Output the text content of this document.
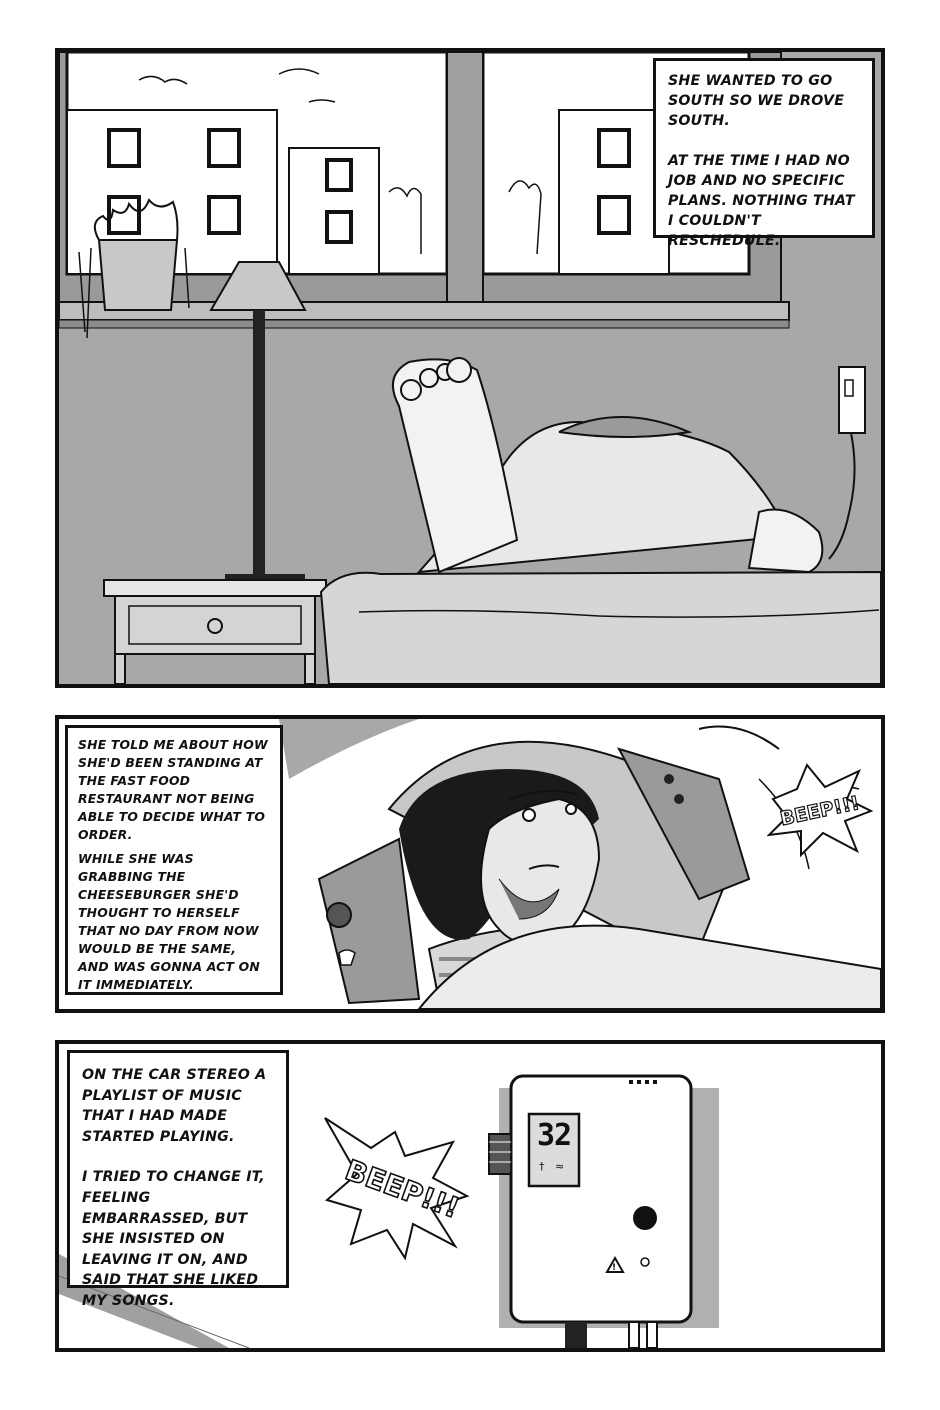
SHE WANTED TO GO SOUTH SO WE DROVE SOUTH.

AT THE TIME I HAD NO JOB AND NO SPECIFIC PLANS. NOTHING THAT I COULDN'T RESCHEDULE.

SHE TOLD ME ABOUT HOW SHE'D BEEN STANDING AT THE FAST FOOD RESTAURANT NOT BEING ABLE TO DECIDE WHAT TO ORDER.

WHILE SHE WAS GRABBING THE CHEESEBURGER SHE'D THOUGHT TO HERSELF THAT NO DAY FROM NOW WOULD BE THE SAME, AND WAS GONNA ACT ON IT IMMEDIATELY.

BEEP!!!
† ≈
!
32

ON THE CAR STEREO A PLAYLIST OF MUSIC THAT I HAD MADE STARTED PLAYING.

I TRIED TO CHANGE IT, FEELING EMBARRASSED, BUT SHE INSISTED ON LEAVING IT ON, AND SAID THAT SHE LIKED MY SONGS.

BEEP!!!
